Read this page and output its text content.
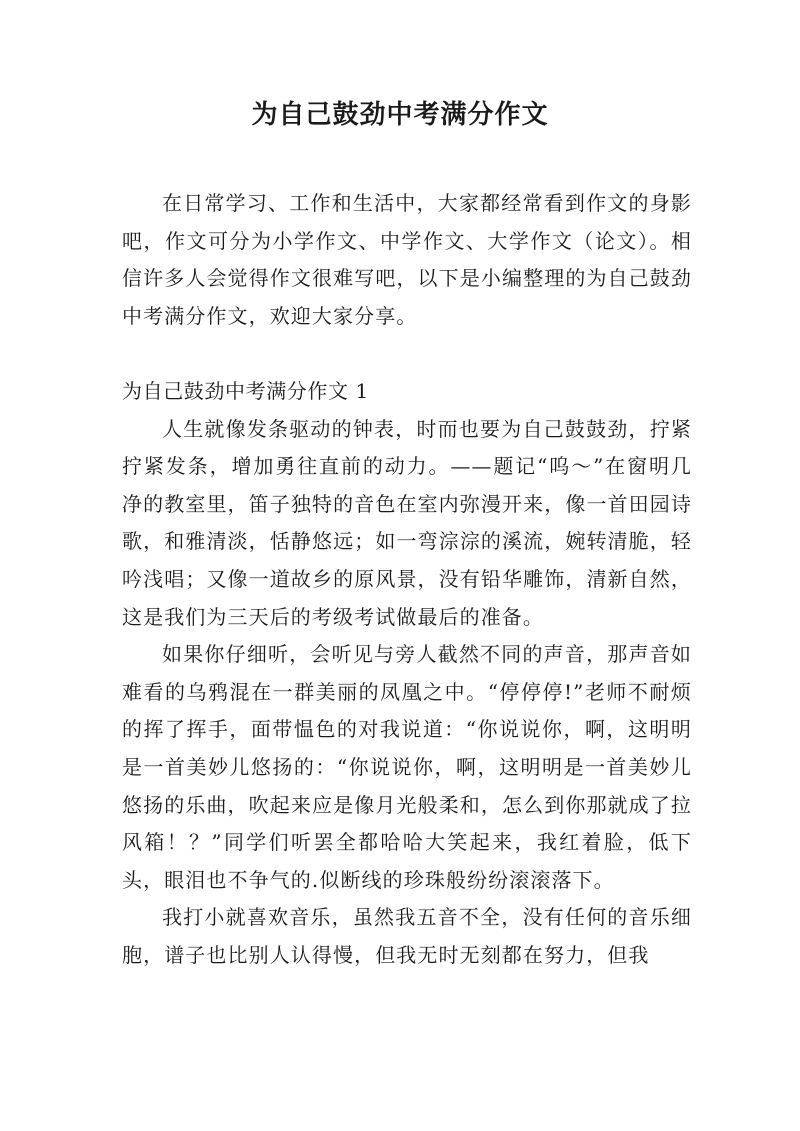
为自己鼓劲中考满分作文

在日常学习、工作和生活中，大家都经常看到作文的身影吧，作文可分为小学作文、中学作文、大学作文（论文）。相信许多人会觉得作文很难写吧，以下是小编整理的为自己鼓劲中考满分作文，欢迎大家分享。

为自己鼓劲中考满分作文 1

人生就像发条驱动的钟表，时而也要为自己鼓鼓劲，拧紧拧紧发条，增加勇往直前的动力。——题记“呜～”在窗明几净的教室里，笛子独特的音色在室内弥漫开来，像一首田园诗歌，和雅清淡，恬静悠远；如一弯淙淙的溪流，婉转清脆，轻吟浅唱；又像一道故乡的原风景，没有铅华雕饰，清新自然，这是我们为三天后的考级考试做最后的准备。

如果你仔细听，会听见与旁人截然不同的声音，那声音如难看的乌鸦混在一群美丽的凤凰之中。“停停停!”老师不耐烦的挥了挥手，面带愠色的对我说道：“你说说你，啊，这明明是一首美妙儿悠扬的：“你说说你，啊，这明明是一首美妙儿悠扬的乐曲，吹起来应是像月光般柔和，怎么到你那就成了拉风箱！？”同学们听罢全都哈哈大笑起来，我红着脸，低下头，眼泪也不争气的.似断线的珍珠般纷纷滚滚落下。

我打小就喜欢音乐，虽然我五音不全，没有任何的音乐细胞，谱子也比别人认得慢，但我无时无刻都在努力，但我
